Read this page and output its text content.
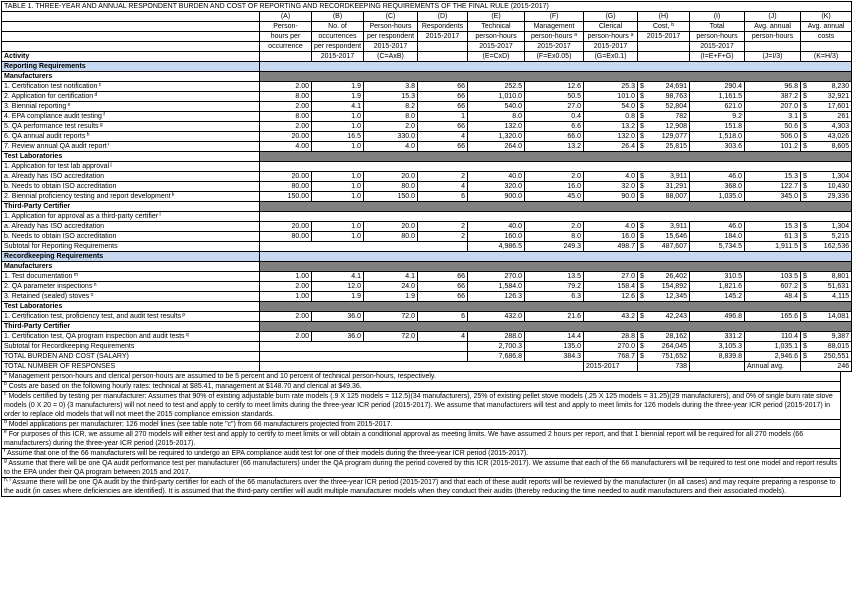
TABLE 1. THREE-YEAR AND ANNUAL RESPONDENT BURDEN AND COST OF REPORTING AND RECORDKEEPING REQUIREMENTS OF THE FINAL RULE (2015-2017)													
	(A)	(B)	(C)	(D)	(E)	(F)	(G)	(H)		(I)	(J)	(K)	
	Person-	No. of	Person-hours	Respondents	Technical	Management	Clerical	Cost, $^b$		Total	Avg. annual	Avg. annual	
	hours per	occurrences	per respondent	2015-2017	person-hours	person-hours $^a$	person-hours $^a$	2015-2017		person-hours	person-hours	costs	
	occurrence	per respondent	2015-2017		2015-2017	2015-2017	2015-2017			2015-2017			
Activity		2015-2017	(C=AxB)		(E=CxD)	(F=Ex0.05)	(G=Ex0.1)			(I=E+F+G)	(J=I/3)	(K=H/3)	
Reporting Requirements													
Manufacturers													
1. Certification test notification $^c$	2.00	1.9	3.8	66	252.5	12.6	25.3	$	24,691	290.4	96.8	$	8,230
2. Application for certification $^d$	8.00	1.9	15.3	66	1,010.0	50.5	101.0	$	98,763	1,161.5	387.2	$	32,921
3. Biennial reporting $^e$	2.00	4.1	8.2	66	540.0	27.0	54.0	$	52,804	621.0	207.0	$	17,601
4. EPA compliance audit testing $^f$	8.00	1.0	8.0	1	8.0	0.4	0.8	$	782	9.2	3.1	$	261
5. QA performance test results $^g$	2.00	1.0	2.0	66	132.0	6.6	13.2	$	12,908	151.8	50.6	$	4,303
6. QA annual audit reports $^h$	20.00	16.5	330.0	4	1,320.0	66.0	132.0	$	129,077	1,518.0	506.0	$	43,026
7. Review annual QA audit report $^i$	4.00	1.0	4.0	66	264.0	13.2	26.4	$	25,815	303.6	101.2	$	8,605
Test Laboratories													
1. Application for test lab approval $^j$	
a. Already has ISO accreditation	20.00	1.0	20.0	2	40.0	2.0	4.0	$	3,911	46.0	15.3	$	1,304
b. Needs to obtain ISO accreditation	80.00	1.0	80.0	4	320.0	16.0	32.0	$	31,291	368.0	122.7	$	10,430
2. Biennial proficiency testing and report development $^k$	150.00	1.0	150.0	6	900.0	45.0	90.0	$	88,007	1,035.0	345.0	$	29,336
Third-Party Certifier													
1. Application for approval as a third-party certifier $^l$	
a. Already has ISO accreditation	20.00	1.0	20.0	2	40.0	2.0	4.0	$	3,911	46.0	15.3	$	1,304
b. Needs to obtain ISO accreditation	80.00	1.0	80.0	2	160.0	8.0	16.0	$	15,646	184.0	61.3	$	5,215
Subtotal for Reporting Requirements					4,986.5	249.3	498.7	$	487,607	5,734.5	1,911.5	$	162,536
Recordkeeping Requirements													
Manufacturers													
1. Test documentation $^m$	1.00	4.1	4.1	66	270.0	13.5	27.0	$	26,402	310.5	103.5	$	8,801
2. QA parameter inspections $^n$	2.00	12.0	24.0	66	1,584.0	79.2	158.4	$	154,892	1,821.6	607.2	$	51,631
3. Retained (sealed) stoves $^o$	1.00	1.9	1.9	66	126.3	6.3	12.6	$	12,345	145.2	48.4	$	4,115
Test Laboratories													
1. Certification test, proficiency test, and audit test results $^p$	2.00	36.0	72.0	6	432.0	21.6	43.2	$	42,243	496.8	165.6	$	14,081
Third-Party Certifier													
1. Certification test, QA program inspection and audit tests $^q$	2.00	36.0	72.0	4	288.0	14.4	28.8	$	28,162	331.2	110.4	$	9,387
Subtotal for Recordkeeping Requirements					2,700.3	135.0	270.0	$	264,045	3,105.3	1,035.1	$	88,015
TOTAL BURDEN AND COST (SALARY)					7,686.8	384.3	768.7	$	751,652	8,839.8	2,946.6	$	250,551
TOTAL NUMBER OF RESPONSES							2015-2017	738			Annual avg.	246	
$^a$ Management person-hours and clerical person-hours are assumed to be 5 percent and 10 percent of technical person-hours, respectively.
$^b$ Costs are based on the following hourly rates: technical at $85.41, management at $148.70 and clerical at $49.36.
$^c$ Models certified by testing per manufacturer: Assumes that 90% of existing adjustable burn rate models (.9 X 125 models = 112.5)(34 manufacturers), 25% of existing pellet stove models (.25 X 125 models = 31.25)(29 manufacturers), and 0% of single burn rate stove models (0 X 20 = 0) (3 manufacturers) will not need to test and apply to certify to meet limits during the three-year ICR period (2015-2017). We assume that manufacturers will test and apply to meet limits for 126 models during the three-year ICR period (2015-2017) in order to replace old models that will not meet the 2015 compliance emission standards.
$^d$ Model applications per manufacturer: 126 model lines (see table note "c") from 66 manufacturers projected from 2015-2017.
$^e$ For purposes of this ICR, we assume all 270 models will either test and apply to certify to meet limits or will obtain a conditional approval as meeting limits. We have assumed 2 hours per report, and that 1 biennial report will be required for all 270 models (66 manufacturers) during the three-year ICR period (2015-2017).
$^f$ Assume that one of the 66 manufacturers will be required to undergo an EPA compliance audit test for one of their models during the three-year ICR period (2015-2017).
$^g$ Assume that there will be one QA audit performance test per manufacturer (66 manufacturers) under the QA program during the period covered by this ICR (2015-2017). We assume that each of the 66 manufacturers will be required to test one model and report results to the EPA under their QA program between 2015 and 2017.
$^{h, i}$ Assume there will be one QA audit by the third-party certifier for each of the 66 manufacturers over the three-year ICR period (2015-2017) and that each of these audit reports will be reviewed by the manufacturer (in all cases) and may require preparing a response to the audit (in cases where deficiencies are identified). It is assumed that the third-party certifier will audit multiple manufacturer models when they conduct their audits (thereby reducing the time needed to audit manufacturers and their associated models).
